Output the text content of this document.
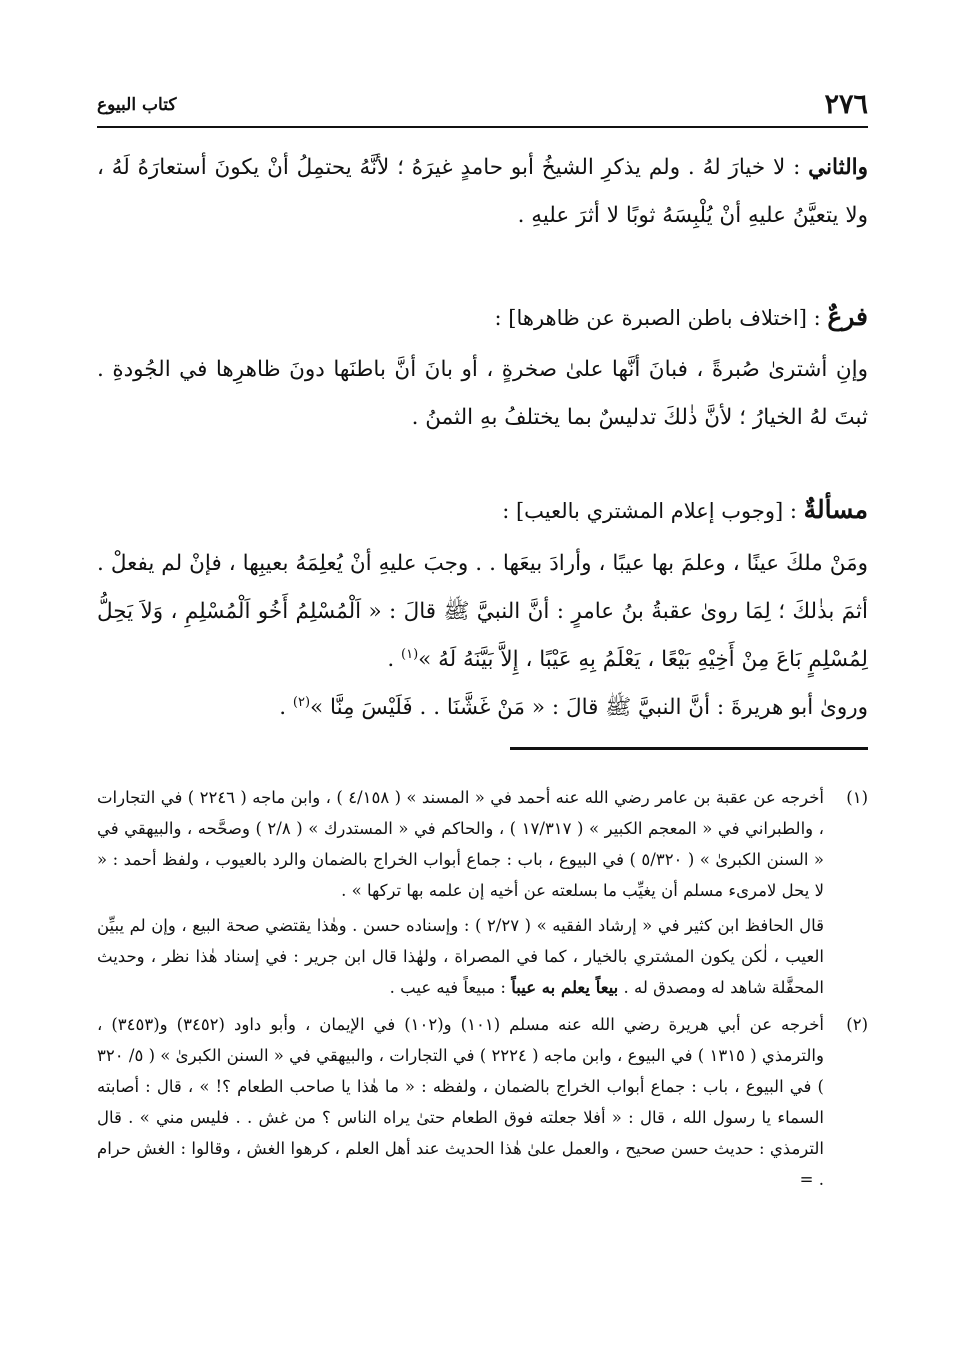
٢٧٦
كتاب البيوع

والثاني : لا خيارَ لهُ . ولم يذكرِ الشيخُ أبو حامدٍ غيرَهُ ؛ لأنَّهُ يحتمِلُ أنْ يكونَ أستعارَهُ لَهُ ، ولا يتعيَّنُ عليهِ أنْ يُلْبِسَهُ ثوبًا لا أثرَ عليهِ .

فرعٌ : [اختلاف باطن الصبرة عن ظاهرها] :

وإنِ أشترىٰ صُبرةً ، فبانَ أنَّها علىٰ صخرةٍ ، أو بانَ أنَّ باطنَها دونَ ظاهرِها في الجُودةِ . ثبتَ لهُ الخيارُ ؛ لأنَّ ذٰلكَ تدليسٌ بما يختلفُ بهِ الثمنُ .

مسألةٌ : [وجوب إعلام المشتري بالعيب] :

ومَنْ ملكَ عينًا ، وعلمَ بها عيبًا ، وأرادَ بيعَها . . وجبَ عليهِ أنْ يُعلِمَهُ بعيبِها ، فإنْ لم يفعلْ . أثمَ بذٰلكَ ؛ لِمَا روىٰ عقبةُ بنُ عامرٍ : أنَّ النبيَّ ﷺ قالَ : « اَلْمُسْلِمُ أَخُو اَلْمُسْلِمِ ، وَلاَ يَحِلُّ لِمُسْلِمٍ بَاعَ مِنْ أَخِيْهِ بَيْعًا ، يَعْلَمُ بِهِ عَيْبًا ، إِلاَّ بَيَّنَهُ لَهُ »$^{(١)}$ .

وروىٰ أبو هريرةَ : أنَّ النبيَّ ﷺ قالَ : « مَنْ غَشَّنَا . . فَلَيْسَ مِنَّا »$^{(٢)}$ .

(١)

أخرجه عن عقبة بن عامر رضي الله عنه أحمد في « المسند » ( ٤/١٥٨ ) ، وابن ماجه ( ٢٢٤٦ ) في التجارات ، والطبراني في « المعجم الكبير » ( ١٧/٣١٧ ) ، والحاكم في « المستدرك » ( ٢/٨ ) وصحَّحه ، والبيهقي في « السنن الكبرىٰ » ( ٥/٣٢٠ ) في البيوع ، باب : جماع أبواب الخراج بالضمان والرد بالعيوب ، ولفظ أحمد : « لا يحل لامرىء مسلم أن يغيِّب ما بسلعته عن أخيه إن علمه بها تركها » .

قال الحافظ ابن كثير في « إرشاد الفقيه » ( ٢/٢٧ ) : وإسناده حسن . وهٰذا يقتضي صحة البيع ، وإن لم يبيِّن العيب ، لٰكن يكون المشتري بالخيار ، كما في المصراة ، ولهٰذا قال ابن جرير : في إسناد هٰذا نظر ، وحديث المحفَّلة شاهد له ومصدق له . بيعاً يعلم به عيباً : مبيعاً فيه عيب .

(٢)

أخرجه عن أبي هريرة رضي الله عنه مسلم (١٠١) و(١٠٢) في الإيمان ، وأبو داود (٣٤٥٢) و(٣٤٥٣) ، والترمذي ( ١٣١٥ ) في البيوع ، وابن ماجه ( ٢٢٢٤ ) في التجارات ، والبيهقي في « السنن الكبرىٰ » ( ٥/ ٣٢٠ ) في البيوع ، باب : جماع أبواب الخراج بالضمان ، ولفظه : « ما هٰذا يا صاحب الطعام ؟! » ، قال : أصابته السماء يا رسول الله ، قال : « أفلا جعلته فوق الطعام حتىٰ يراه الناس ؟ من غش . . فليس مني » . قال الترمذي : حديث حسن صحيح ، والعمل علىٰ هٰذا الحديث عند أهل العلم ، كرهوا الغش ، وقالوا : الغش حرام . =
